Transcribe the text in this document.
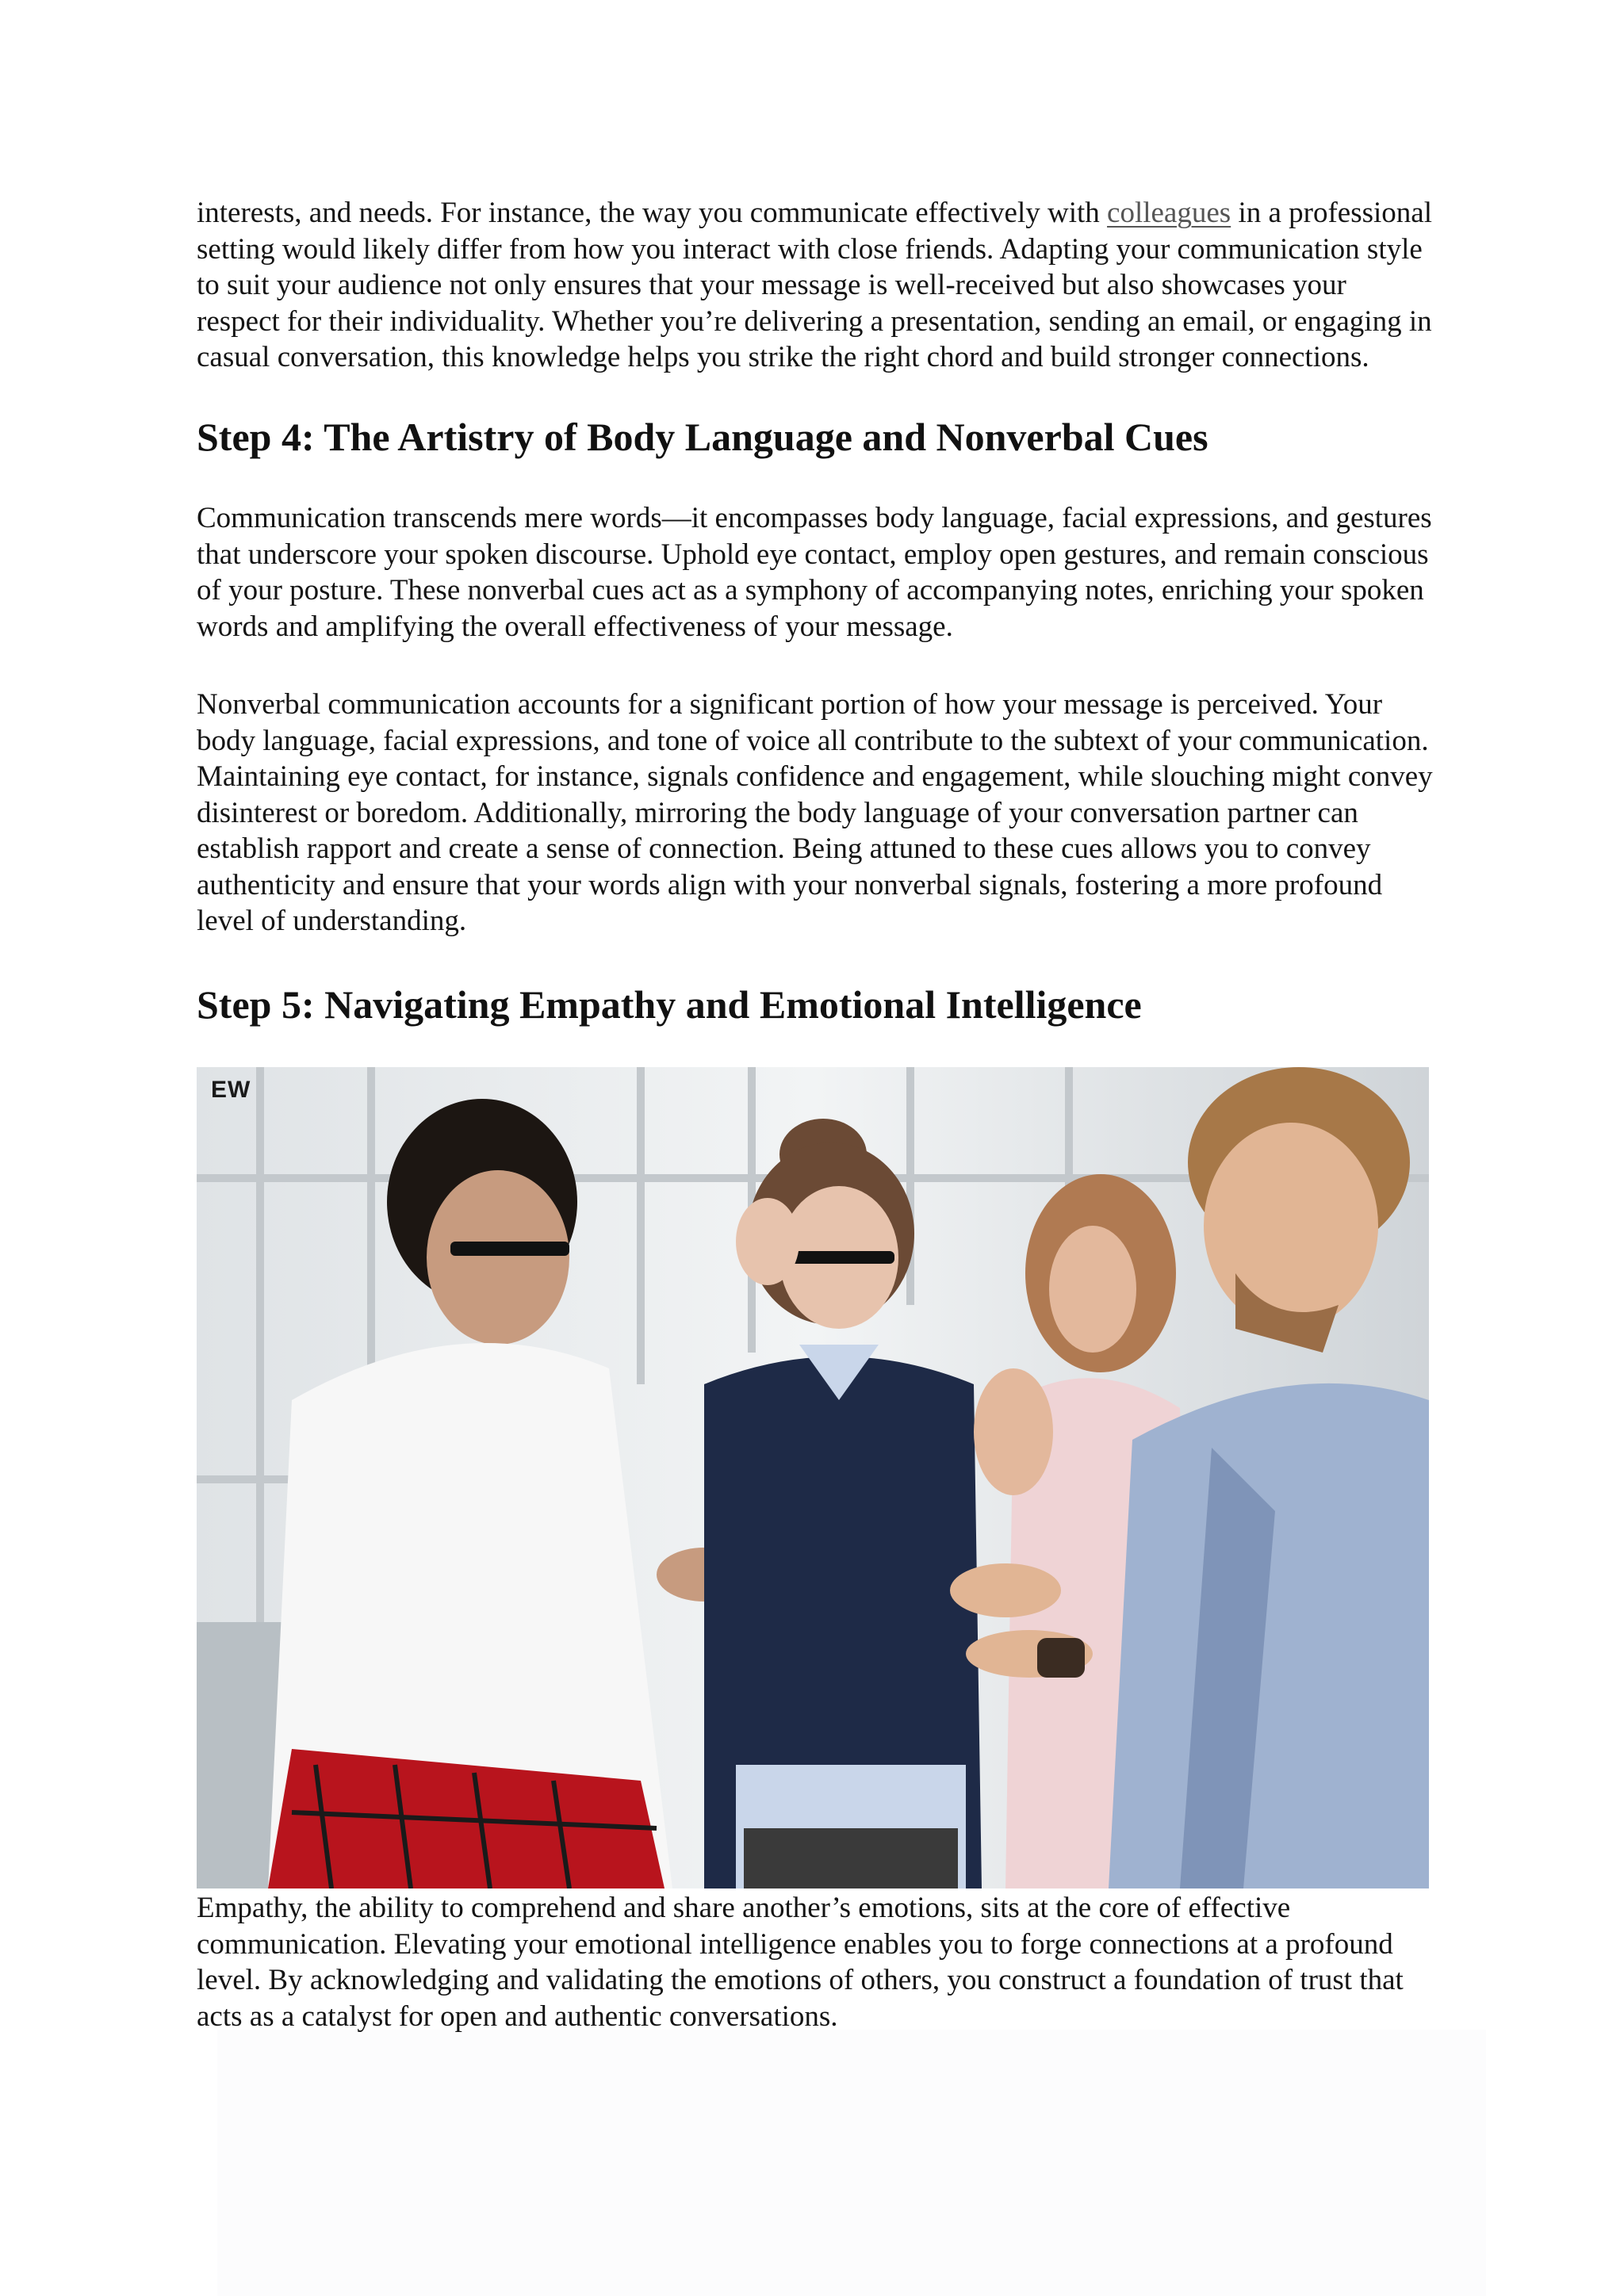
interests, and needs. For instance, the way you communicate effectively with colleagues in a professional setting would likely differ from how you interact with close friends. Adapting your communication style to suit your audience not only ensures that your message is well-received but also showcases your respect for their individuality. Whether you’re delivering a presentation, sending an email, or engaging in casual conversation, this knowledge helps you strike the right chord and build stronger connections.

Step 4: The Artistry of Body Language and Nonverbal Cues

Communication transcends mere words—it encompasses body language, facial expressions, and gestures that underscore your spoken discourse. Uphold eye contact, employ open gestures, and remain conscious of your posture. These nonverbal cues act as a symphony of accompanying notes, enriching your spoken words and amplifying the overall effectiveness of your message.

Nonverbal communication accounts for a significant portion of how your message is perceived. Your body language, facial expressions, and tone of voice all contribute to the subtext of your communication. Maintaining eye contact, for instance, signals confidence and engagement, while slouching might convey disinterest or boredom. Additionally, mirroring the body language of your conversation partner can establish rapport and create a sense of connection. Being attuned to these cues allows you to convey authenticity and ensure that your words align with your nonverbal signals, fostering a more profound level of understanding.

Step 5: Navigating Empathy and Emotional Intelligence
EW

Empathy, the ability to comprehend and share another’s emotions, sits at the core of effective communication. Elevating your emotional intelligence enables you to forge connections at a profound level. By acknowledging and validating the emotions of others, you construct a foundation of trust that acts as a catalyst for open and authentic conversations.
